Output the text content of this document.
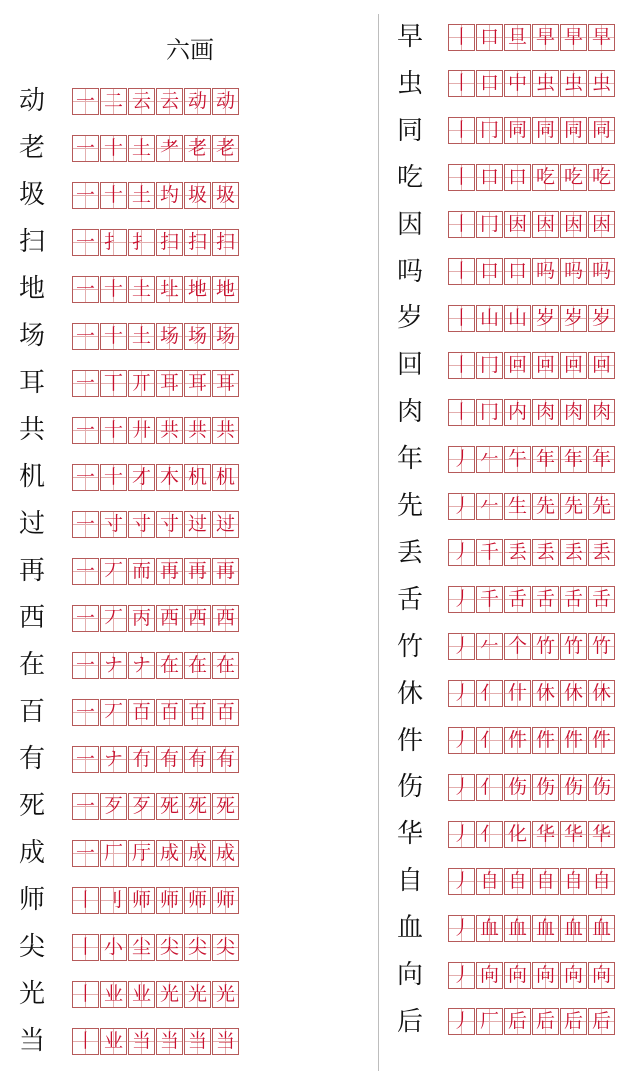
六画
动 一 二 云 云 动 动
老 一 十 土 耂 老 老
圾 一 十 土 圴 圾 圾
扫 一 扌 扌 扫 扫 扫
地 一 十 土 圵 地 地
场 一 十 土 场 场 场
耳 一 丅 丌 耳 耳 耳
共 一 十 廾 共 共 共
机 一 十 才 木 机 机
过 一 寸 寸 寸 过 过
再 一 丆 而 再 再 再
西 一 丆 丙 西 西 西
在 一 ナ ナ 在 在 在
百 一 丆 百 百 百 百
有 一 ナ 冇 有 有 有
死 一 歹 歹 死 死 死
成 一 厂 厅 成 成 成
师 丨 刂 师 师 师 师
尖 丨 小 尘 尖 尖 尖
光 丨 业 业 光 光 光
当 丨 业 当 当 当 当
早 丨 口 旦 早 早 早
虫 丨 口 中 虫 虫 虫
同 丨 冂 同 同 同 同
吃 丨 口 口 吃 吃 吃
因 丨 冂 因 因 因 因
吗 丨 口 口 吗 吗 吗
岁 丨 山 山 岁 岁 岁
回 丨 冂 回 回 回 回
肉 丨 冂 内 肉 肉 肉
年 丿 𠂉 午 年 年 年
先 丿 𠂉 生 先 先 先
丢 丿 千 丢 丢 丢 丢
舌 丿 千 舌 舌 舌 舌
竹 丿 𠂉 个 竹 竹 竹
休 丿 亻 什 休 休 休
件 丿 亻 件 件 件 件
伤 丿 亻 伤 伤 伤 伤
华 丿 亻 化 华 华 华
自 丿 自 自 自 自 自
血 丿 血 血 血 血 血
向 丿 向 向 向 向 向
后 丿 厂 后 后 后 后
